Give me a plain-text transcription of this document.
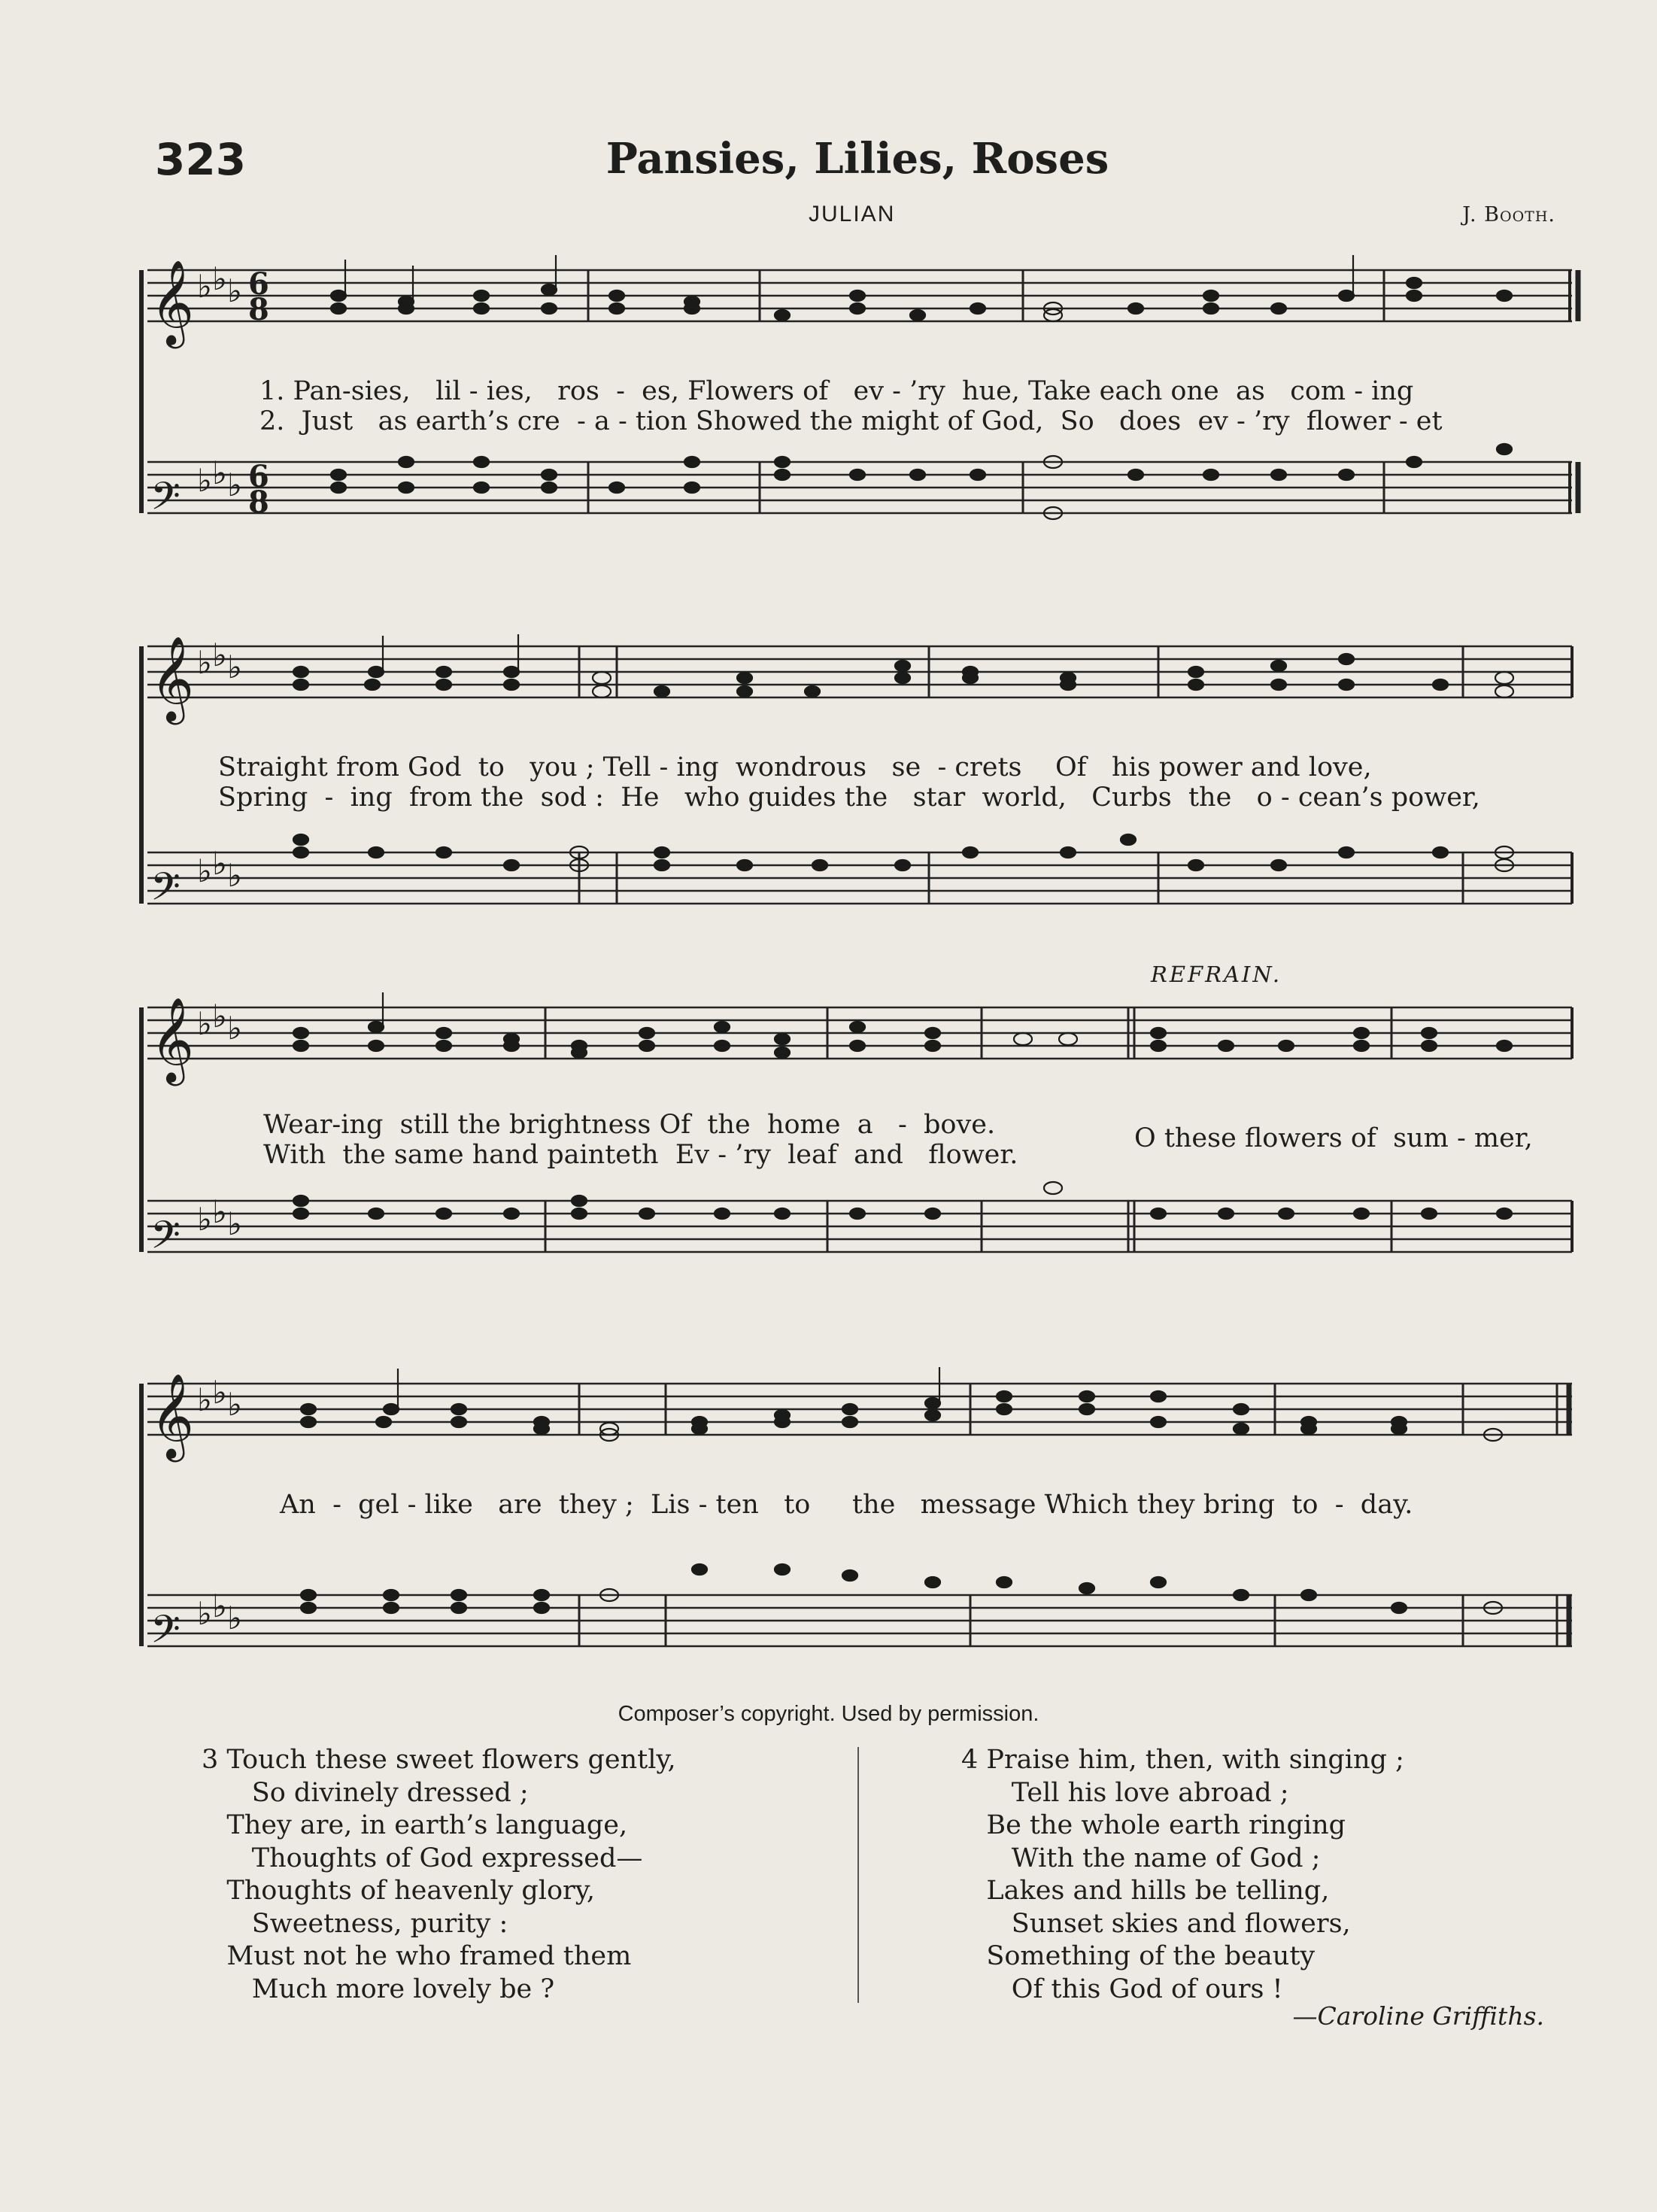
323	Pansies, Lilies, Roses
JULIAN	J. Booth.
𝄞
𝄢
♭ ♭ ♭
♭ ♭ ♭
6
8
6
8
1. Pan-sies,   lil - ies,   ros  -  es, Flowers of   ev - ’ry  hue, Take each one  as   com - ing
2.  Just   as earth’s cre  - a - tion Showed the might of God,  So   does  ev - ’ry  flower - et
𝄞
𝄢
♭ ♭ ♭
♭ ♭ ♭
Straight from God  to   you ; Tell - ing  wondrous   se  - crets    Of   his power and love,
Spring  -  ing  from the  sod :  He   who guides the   star  world,   Curbs  the   o - cean’s power,
REFRAIN.
𝄞
𝄢
♭ ♭ ♭
♭ ♭ ♭
Wear-ing  still the brightness Of  the  home  a   -  bove.
With  the same hand painteth  Ev - ’ry  leaf  and   flower.
O these flowers of  sum - mer,
𝄞
𝄢
♭ ♭ ♭
♭ ♭ ♭
An  -  gel - like   are  they ;  Lis - ten   to     the   message Which they bring  to  -  day.
Composer’s copyright. Used by permission.
3 Touch these sweet flowers gently,
So divinely dressed ;
They are, in earth’s language,
Thoughts of God expressed—
Thoughts of heavenly glory,
Sweetness, purity :
Must not he who framed them
Much more lovely be ?
4 Praise him, then, with singing ;
Tell his love abroad ;
Be the whole earth ringing
With the name of God ;
Lakes and hills be telling,
Sunset skies and flowers,
Something of the beauty
Of this God of ours !
—Caroline Griffiths.
